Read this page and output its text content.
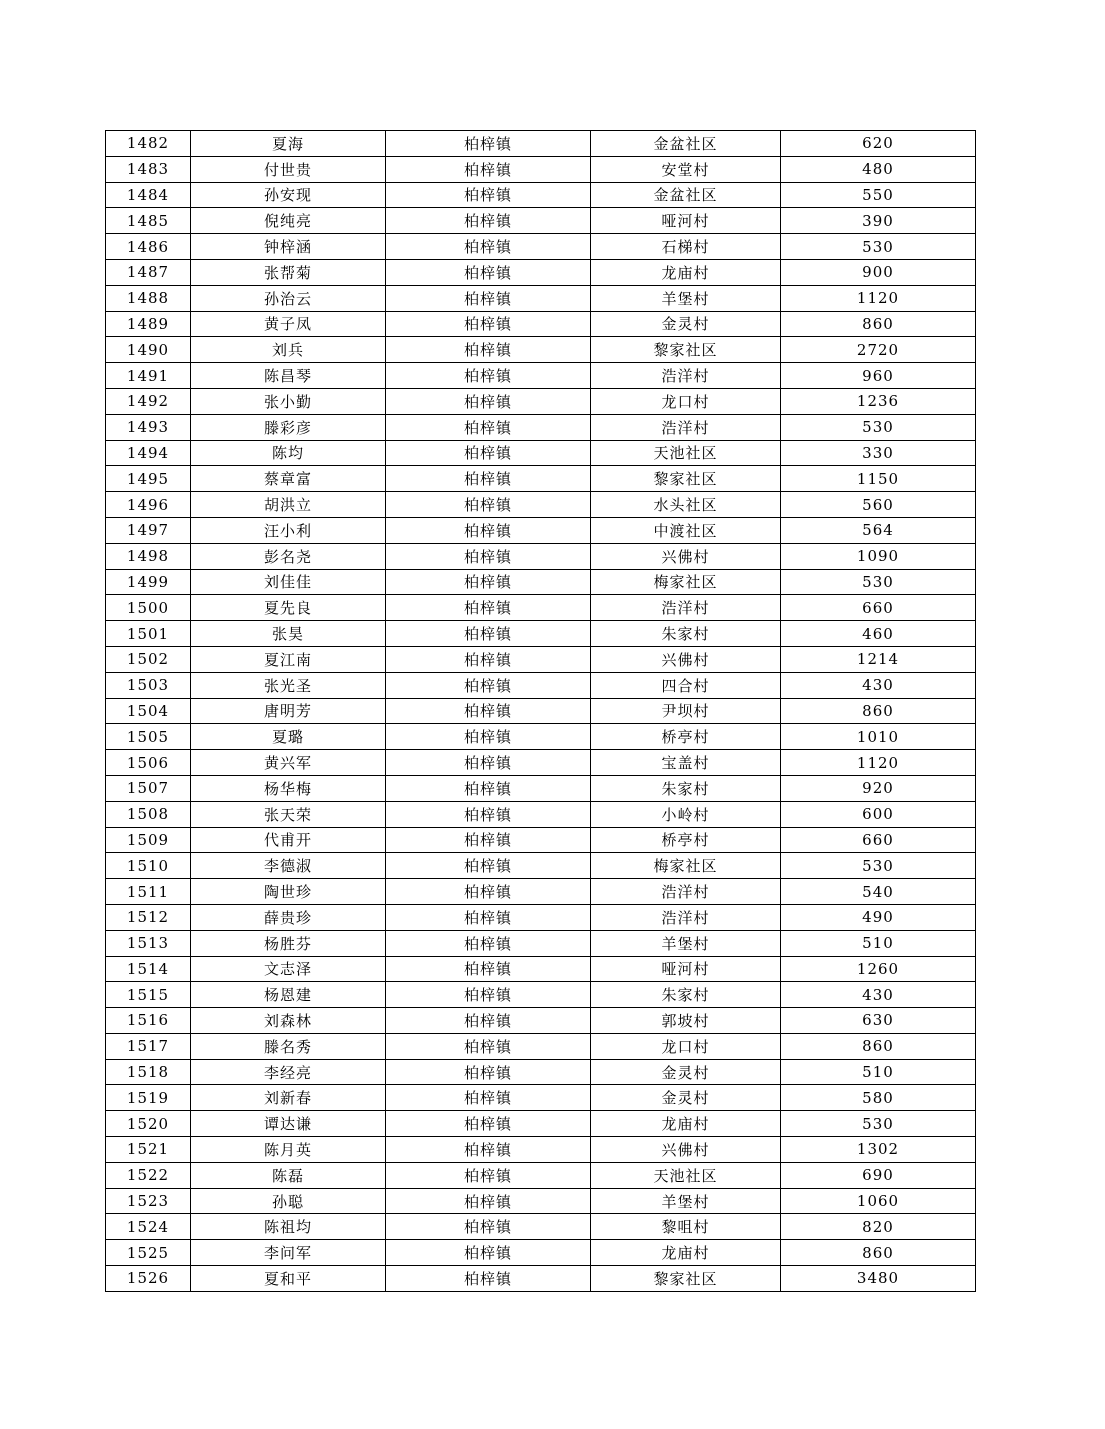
1482	夏海	柏梓镇	金盆社区	620
1483	付世贵	柏梓镇	安堂村	480
1484	孙安现	柏梓镇	金盆社区	550
1485	倪纯亮	柏梓镇	哑河村	390
1486	钟梓涵	柏梓镇	石梯村	530
1487	张帮菊	柏梓镇	龙庙村	900
1488	孙治云	柏梓镇	羊堡村	1120
1489	黄子凤	柏梓镇	金灵村	860
1490	刘兵	柏梓镇	黎家社区	2720
1491	陈昌琴	柏梓镇	浩洋村	960
1492	张小勤	柏梓镇	龙口村	1236
1493	滕彩彦	柏梓镇	浩洋村	530
1494	陈均	柏梓镇	天池社区	330
1495	蔡章富	柏梓镇	黎家社区	1150
1496	胡洪立	柏梓镇	水头社区	560
1497	汪小利	柏梓镇	中渡社区	564
1498	彭名尧	柏梓镇	兴佛村	1090
1499	刘佳佳	柏梓镇	梅家社区	530
1500	夏先良	柏梓镇	浩洋村	660
1501	张昊	柏梓镇	朱家村	460
1502	夏江南	柏梓镇	兴佛村	1214
1503	张光圣	柏梓镇	四合村	430
1504	唐明芳	柏梓镇	尹坝村	860
1505	夏璐	柏梓镇	桥亭村	1010
1506	黄兴军	柏梓镇	宝盖村	1120
1507	杨华梅	柏梓镇	朱家村	920
1508	张天荣	柏梓镇	小岭村	600
1509	代甫开	柏梓镇	桥亭村	660
1510	李德淑	柏梓镇	梅家社区	530
1511	陶世珍	柏梓镇	浩洋村	540
1512	薛贵珍	柏梓镇	浩洋村	490
1513	杨胜芬	柏梓镇	羊堡村	510
1514	文志泽	柏梓镇	哑河村	1260
1515	杨恩建	柏梓镇	朱家村	430
1516	刘森林	柏梓镇	郭坡村	630
1517	滕名秀	柏梓镇	龙口村	860
1518	李经亮	柏梓镇	金灵村	510
1519	刘新春	柏梓镇	金灵村	580
1520	谭达谦	柏梓镇	龙庙村	530
1521	陈月英	柏梓镇	兴佛村	1302
1522	陈磊	柏梓镇	天池社区	690
1523	孙聪	柏梓镇	羊堡村	1060
1524	陈祖均	柏梓镇	黎咀村	820
1525	李问军	柏梓镇	龙庙村	860
1526	夏和平	柏梓镇	黎家社区	3480
